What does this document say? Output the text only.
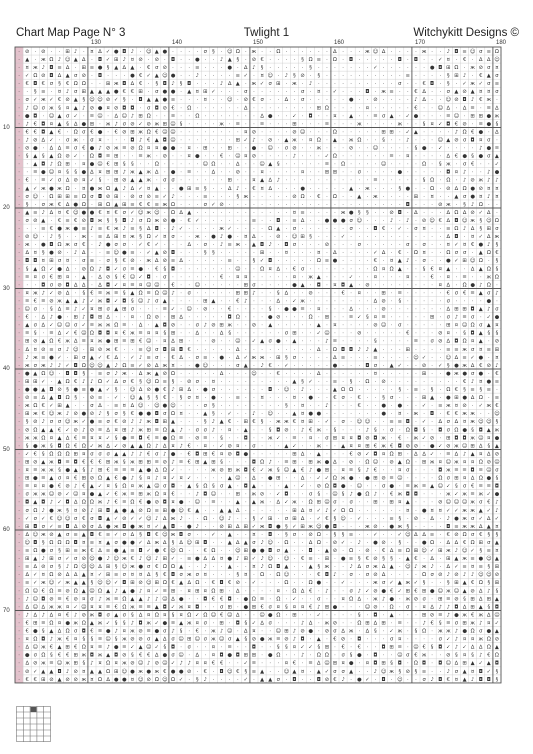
Chart Map Page N° 3	Twlight 1	Witchykitt Designs ©
130	140	150	160	170	180
10
20
30
40
50
60
70
· ⊘ · ⊘ · · ⊞ ♪ · ¤ ∆ ✓ ● ◘ ♪ · ☺ ▲ ● · · · · σ § · ☺ Ω · ж · · Ω · · · · · · ∆ · · · ж ☺ ∆ · · · · ж · · ♪ ◘ ≡ ☺ σ ≡ Ω
· ▲ · ж Ω ♪ ☺ ▲ ∆ · ◘ ✓ ⊞ ♪ ¤ ⊘ · ⊘ · ◘ · · ● · · ♪ ▲ § · ⊘ € · · · · § Ω ≡ · Ω · ◘ · · · · · ◘ · ◘ · · ✓ ¤ · € · ∆ ∆ ☺
· ¤ ж ♪ ◘ ≡ ∆ · ⊞ ≡ ● § ▲ ∆ ▲ · € σ ⊘ · · · ≡ · · · ● · ∆ ♪ § · · · · · § · · · · · · · ✓ · · · · · · ● ◘ ⊞ Ω · ж ⊘ σ ¤
· ✓ Ω ⊘ ◘ ∆ ▲ σ ⊘ · ◘ · · · ● € ✓ ▲ ☺ ● · · ♪ · · · · ≡ ✓ · ¤ ☺ · ♪ § ⊘ · § · · · · · · · · · · ≡ · · · · § ⊞ ♪ · € ▲ σ
· € ◘ € σ § € Ω Ω · · ⊞ ж ◘ ∆ € · § ◘ ♪ § ◘ · · · ♪ ∆ ▲ · ж ✓ σ ⊞ · ж · ♪ · · · · · · · · · · σ · · € ◘ · § · ✓ ж ✓ σ ≡
· · § ≡ · ¤ ♪ σ ⊞ ▲ ▲ ▲ ● € € ⊞ · σ ● ● · ▲ ¤ ⊞ ✓ · · · σ · · · · · · σ · ¤ · ✓ · · · ◘ · ж ≡ · · € ∆ · · σ ▲ ⊘ ▲ ¤ ¤ σ
· σ ✓ ж ✓ € ⊘ ▲ § ☺ ☺ ⊘ ✓ § · ◘ ▲ ▲ ● ≡ · · · ¤ · · ☺ · ⊘ € σ · · ∆ · σ · · · · · ● · · ⊘ · · · · ♪ ∆ · · ☺ ⊘ ◘ ♪ € ж ·
· ♪ ☺ σ ж § ¤ ▲ ♪ ⊘ ● ¤ ⊘ ◘ ◘ · σ ◘ ⊘ € · Ω · · · · · · ∆ · · · · · · · · ⊞ Ω · · · · ¤ · · · · · € · · ☺ ∆ · ∆ ≡ · ≡ ∆
· ● ◘ · ☺ ▲ σ ✓ · ≡ ☺ · ∆ ☺ ♪ ⊞ Ω · · ≡ · · Ω · · · · · · · ∆ ● · · ✓ · ◘ · · ¤ · ▲ · · ≡ σ ▲ · ✓ ● · · · ≡ ☺ · ⊞ ⊞ ● ж
· ♪ € ◘ ¤ ▲ § ∆ ● ⊞ · ж ♪ σ ⊘ ✓ ⊘ ж ⊞ ☺ § · · · · ж · ≡ · · ≡ · · · ⊞ · · · ≡ · · · ж · · · · ж · · § ¤ ✓ ◘ € ⊘ · ≡ ● §
· € € ◘ ▲ € · Ω σ € ● · € ⊘ ⊞ ж Ω € ☺ ☺ · · · · · · · · ¤ ⊘ · · · · ⊘ ☺ · · · Ω · · · · · ⊞ ⊞ · ✓ ▲ · · · · ♪ Ω € ● · ∆
· ♪ ⊘ ∆ ✓ · σ ж · σ ¤ · · · ◘ ♪ € ▲ ◘ ☺ · · · · · · · ⊞ ✓ ♪ · ⊘ · ▲ ж · ¤ Ω · ▲ · ж Ω · · § · · ♪ · · · ☺ ▲ ⊘ σ ◘ ¤ σ ·
· ⊘ ● · ∆ ∆ ≡ σ € ● ♪ ⊘ ж ≡ ⊘ Ω ¤ ¤ ● ● · ¤ · ⊞ · · ⊞ · · ● · ☺ · σ ⊘ · · ж · · · ⊘ · · ☺ · · · · § ● · ✓ · · · · ♪ ● ≡
· § ▲ § ▲ Ω ⊘ ✓ · Ω ◘ ≡ ⊞ · · ≡ ж · ⊘ · · ¤ ● · · € · ☺ ¤ ⊘ · · · · ♪ · · · ✓ Ω · · · · · · ≡ · ¤ · · · · ∆ € ● § ● σ ▲
· · ▲ ◘ ♪ Ω ⊞ · ¤ ● ☺ € ⊞ § § · · Ω · · · · · ☺ Ω · · ∆ · · ☺ ▲ § · · · · · ≡ · Ω · · · · ☺ · · · · Ω · § ж · σ € · · ✓
· · ≡ ● ☺ ¤ § § ● ∆ ¤ ⊞ ⊞ ♪ ж ▲ ж ∆ · ● · ≡ · · ∆ · · ⊘ · · ¤ · · · · ¤ · · ⊞ ⊞ · · σ · · · · ● · · · · · ◘ ¤ ♪ · · ♪ ●
· € · ≡ ✓ σ ∆ ⊘ ¤ ✓ § · ⊞ ⊘ ▲ ▲ ж · σ σ · · · · · · ⊞ · · ¤ ▲ ∆ ♪ · · · · · · · · · · · ≡ · · · · · § Ω · Ω · ♪ ⊘ ж ♪ ♪
· ▲ ✓ ж ● ж Ω · ¤ ● ж Ω ▲ ♪ ∆ ✓ ¤ ▲ · · ● ⊞ ≡ § · · ∆ ♪ · € ¤ ∆ · · · ● · · · · · ▲ · ж · · · § ● · · Ω · ⊘ ∆ Ω ● ⊘ ¤ ¤
· σ ☺ · Ω ⊞ ⊞ ≡ Ω σ ◘ ⊘ ⊞ · ⊘ σ ⊘ ≡ ✓ ♪ · · · ≡ · · · § ж · · · · · ⊘ Ω · € · Ω · · ▲ · ж · · · · ⊞ · ¤ · · ▲ σ ● ¤ ♪ ¤
· § · σ ж € ∆ ● Ω · ⊞ Ω ▲ ⊞ ≡ € € ≡ ж Ω · · · σ ✓ ⊘ · · · · · · · · · · · · · · · · · · · · · · ◘ · · · ⊘ ж · § ♪ Ω · ·
· ▲ ≡ ♪ ∆ ¤ € ☺ ● ● € ¤ € σ ✓ ☺ ж ☺ · Ω ∆ ▲ · · · · · · · · · · · · ¤ ≡ · · · · ж ● § § · · ⊘ ◘ · ∆ · · · ∆ Ω ∆ ⊘ ✓ ∆ ·
· σ ⊘ ▲ · € ≡ € ⊘ ◘ ж § § ◘ ♪ σ Ω ж ⊘ ● · € ✓ · · · · · · ≡ · · ◘ · ≡ ∆ · · ● ● ● σ ☺ · · · ♪ · ♪ · ⊘ ☺ € ∆ ◘ ☺ ж § ☺ Ω
· · · ≡ € ● ж ● ≡ ♪ ≡ € ж ♪ ≡ § ∆ ◘ · ♪ ✓ · · · · ж ✓ · · · · Ω ▲ · σ · · · · · · σ · · ◘ € · ✓ · σ ¤ · · ≡ Ω ♪ ∆ § ⊞ σ
· ⊘ ☺ · ♪ § · · ж · ≡ ∆ ⊞ ¤ ж § Ω ✓ ¤ σ · · ж · ● ♪ ● · ¤ ∆ · · ⊘ · ☺ ⊞ § · · · ✓ · · · · · · · · · · · · ∆ ◘ · ¤ ✓ ∆ ж
· ж · ● ◘ Ω ж σ € · ♪ ● σ σ · ✓ € ✓ · · · ∆ · σ · ♪ ≡ ж · ▲ ◘ ♪ · ◘ σ · · · ⊘ · · · σ · · · · · σ · σ · · ¤ ✓ ¤ € ● ♪ §
· ∆ ¤ § ● ⊘ · ♪ ∆ · · ≡ ☺ ● ≡ · ✓ ▲ ⊘ ◘ · · · § § · · · · · ⊞ · · ¤ · · · ¤ · ∆ · · · · ✓ ∆ · € · Ω ¤ · · Ω σ σ · ▲ Ω €
· ◘ ◘ ¤ ⊞ σ ¤ · σ ≡ · σ § € ⊘ · ж ∆ ⊘ ≡ ∆ · · · · · ≡ · · § ✓ ◘ · · · · · Ω ≡ ● · · · · € · ¤ ▲ ♪ · σ · · ● ✓ ⊞ ☺ Ω · §
· § ▲ Ω ✓ ● ∆ · ⊘ Ω ♪ ◘ ✓ σ ≡ ● · € § ◘ · · · · · · · ☺ · · Ω ¤ ∆ · € σ · · · · · · · · Ω ¤ Ω ▲ · · § € ¤ ▲ · · ∆ ▲ Ω §
· ≡ ¤ σ € ⊞ ¤ · ▲ · ∆ ⊘ § € ☺ ✓ ◘ · σ · · · · · · € · ¤ ¤ · · · · · ¤ · ж ▲ · · · ✓ · · ¤ · · · ¤ · · € · ¤ · ≡ · · ж Ω
· · · ◘ σ ⊘ ◘ ∆ ∆ · ∆ ◘ ✓ ¤ ≡ ¤ ☺ ☺ · € · · ☺ · · · · · ⊞ σ · · · · ● ▲ · ◘ · ¤ ◘ ▲ · ⊘ · · · · · · · · ¤ ∆ · Ω ● ♪ Ω ·
· ¤ ж ♪ ✓ ⊘ ∆ · § € ≡ ж ≡ § ▲ Ω ≡ Ω ☺ ♪ · σ · · · · · ⊞ ⊞ ♪ · · § ∆ · · ⊘ · · · € · ¤ · · ⊞ · ≡ · · · · · € σ € ≡ ▲ σ ♪
· ≡ € ≡ ⊘ ж ▲ ▲ ♪ ✓ ж ◘ ✓ ◘ § ☺ ♪ σ ▲ · · · · ⊞ ▲ · · € ♪ · · · ∆ · ✓ ж · · · · · · · · ∆ ⊘ · § · · · · · σ · · · · ● ·
· ☺ σ · § ∆ ≡ ♪ ✓ ¤ ⊞ σ ▲ ⊞ σ · · · ≡ ✓ · ☺ · ⊘ · · € · · · · § · ● ● ≡ · ¤ · · · ∆ · · · ⊘ · · · · · · · ∆ ⊞ ⊞ ◘ ▲ ♪ σ
· € · ∆ ♪ ● · ⊞ ♪ ◘ ⊞ ∆ · · ¤ · Ω ⊘ · ⊞ ∆ · · · · · ◘ Ω · · · ● ⊘ · · · Ω · ⊞ · · ≡ ✓ § ¤ ≡ · · · · · ⊞ · σ ♪ ≡ σ · ✓ ●
· ▲ σ ∆ ✓ ☺ ☺ σ ✓ ≡ ж ж Ω ≡ · ∆ · ▲ ◘ ⊘ · · σ ♪ ⊘ ⊞ ж · · ⊘ · ▲ · · · · · ▲ · ¤ · · · · ⊘ ☺ · σ · · · · · ⊞ ¤ ☺ Ω σ ▲ ¤
· ≡ § · ≡ ∆ ✓ € ☺ Ω ◘ ◘ ¤ € ж ≡ ¤ ¤ § ⊞ · · ∆ · · ∆ § · · · · · · σ ⊞ · · ✓ ☺ · · · ⊘ · · · · · € · · · ⊘ ¤ · § ◘ ▲ § §
· ⊞ ⊘ ▲ Ω € ж ∆ ≡ ¤ ж ● ⊞ ≡ ⊞ € ☺ · ¤ ∆ ⊞ · · · ⊘ · · ☺ · ✓ ▲ σ ● · ▲ · · · ♪ ≡ · · · · § · · · · ≡ · σ ⊘ ∆ ◘ Ω ¤ ▲ · ⊘
· ∆ ¤ ⊘ ≡ σ ♪ ☺ · ⊞ ⊘ ж € · · ≡ ☺ σ ◘ ⊞ ◘ € · · · · · ∆ · · · · · · · · · ∆ · Ω ◘ ◘ ♪ ♪ ▲ · · · ⊞ · · · · ≡ ≡ ж σ ¤ ≡ ⊞
· ♪ ж ≡ ● ✓ · ⊞ σ ▲ ✓ € ∆ · ✓ ♪ ≡ σ · € ∆ · σ ≡ · ● · ∆ ✓ ж ж · ⊞ § σ · · · · ∆ ≡ · · · ≡ · · · · ☺ ✓ · · ☺ ∆ ≡ ✓ ● · ¤
· ж σ ж ♪ ♪ ✓ ◘ Ω ☺ ☺ ▲ ♪ Ω ≡ ✓ ⊘ ∆ ж ¤ · · ● ☺ · · · σ ▲ · ♪ € · ✓ · · · · · ● · · · ◘ σ · ▲ ✓ · · ⊘ · ✓ § ● ж ∆ € ⊘ ♪
· ● ▲ Ω ☺ · ◘ ◘ § · ≡ σ ♪ ж · ∆ ж ▲ ⊘ Ω · · · · · ∆ · · · ☺ · · € · · · · ∆ · · · · · · ¤ · · · · · ⊞ · · ● ж ● σ ● · €
· ⊞ ⊞ ✓ · ▲ Ω € ♪ ♪ Ω ✓ ∆ σ € § ☺ Ω ≡ § · ⊘ σ · ¤ · · · · · · · · · ▲ § ✓ · · ≡ · § · Ω · ⊘ · · · · · · · · · € ♪ ¤ ● ≡
· ● ● ▲ ◘ ⊘ § ● ≡ ● ▲ ✓ § · ☺ ∆ ⊘ ● € ♪ ⊞ ∆ · ● σ · · · · · · ◘ · ☺ · ♪ · · · ▲ Ω Ω · · · · · § · ≡ · § · Ω € § ≡ § ≡ ·
· ⊘ ≡ ∆ ▲ ◘ Ω § · ⊘ ≡ · ✓ · ☺ ▲ § § € · § σ ¤ · ● · · ≡ · · ¤ · · · ¤ · ● · · € σ · € · · § σ · · · ⊞ ▲ · ● ⊞ ● ∆ Ω · ≡
· ж Ω € ✓ ⊞ ▲ · · σ ∆ · ≡ ¤ ∆ ☺ · ☺ ● ☺ · · · σ § · · · · · · · · § · ¤ · · ♪ · · · € · · ● · ● · · ✓ · ≡ ж ¤ ⊘ · ✓ ж €
· ⊞ ж € ☺ ж ♪ ⊘ ● ⊘ ♪ § σ § € ● ● ◘ σ Ω ¤ · · ▲ § · ✓ · · ♪ · ☺ · · ▲ ¤ ● ● · · · · · · · ● · ¤ · ж · ◘ · € € ж ж · · ☺
· § ⊘ ♪ σ σ ☺ ж ✓ ● ≡ σ € ⊘ ♪ ♪ ж ◘ ⊞ ▲ · · · § ♪ ▲ € · ⊞ € § · ж ж € ¤ ⊞ · ✓ · σ · ☺ ☺ · · ≡ ≡ ◘ · ✓ · ∆ σ ∆ ¤ ж ☺ ☺ §
· ⊘ Ω ▲ ▲ € ✓ ⊘ ♪ ⊘ ≡ ∆ ¤ ⊞ ♪ ж ⊞ ≡ Ω ▲ ♪ · σ σ ♪ · ¤ · ▲ · · § ◘ ⊘ · ♪ € ж · § · · · ♪ § · σ · Ω ◘ § · ◘ σ Ω ● § ◘ ▲ ж
· ж ж Ω ¤ ▲ ∆ € ≡ ¤ ¤ ✓ § ● ≡ ◘ € ≡ ● Ω ≡ · ⊘ ≡ · § · · ◘ · · ж ✓ · ≡ · ¤ · σ ⊞ ¤ ¤ ◘ ⊘ ◘ ж · € · ж ✓ ⊘ · ⊞ ◘ ◘ ж ☺ ¤ ●
· § ● ж § ◘ Ω € Ω ✓ ж ∆ ✓ ⊘ ▲ ▲ Ω ♪ ∆ ¤ ♪ € · ¤ · ✓ ⊘ ¤ · σ · · · ▲ ✓ · · ж · · ▲ ¤ ¤ ⊞ € ж € ◘ ⊘ ⊘ · ● ✓ ⊘ ж ☺ ⊞ ∆ § ▲
· ✓ € § Ω Ω Ω ⊞ ¤ σ σ σ ▲ ▲ ♪ ♪ € σ ♪ ● · € ◘ ⊞ € ¤ ⊘ ◘ ● · · · · · ⊞ ∆ · ▲ · · · € ⊘ ✓ ◘ ¤ Ω ⊞ · ∆ ∆ ✓ · ≡ ∆ ♪ ▲ ¤ ∆ ⊘
· ⊞ ⊘ ▲ ж ◘ ≡ ◘ € € € ⊞ ж § ж ⊞ ⊞ ≡ ⊘ ♪ ≡ € ⊞ ▲ ⊞ § · · · ◘ Ω ♪ · ≡ ⊞ · ⊞ ж ● ∆ · ⊘ · Ω ☺ · ⊘ ▲ Ω · ⊞ ж ¤ ☺ ж ¤ ¤ Ω ⊘ ☺
· ¤ ≡ ж ж § ● ▲ § ♪ ⊞ € ≡ ≡ ≡ ▲ ● ∆ Ω ✓ · · · · ж ⊘ ⊞ ж ◘ € ✓ ж § ☺ ▲ € ♪ ● ⊞ · ¤ ≡ § ♪ € · · ¤ σ · · · ◘ ж ≡ ≡ ◘ ≡ ☺ σ
· ⊞ ● ≡ ▲ σ ¤ € ⊞ ⊘ Ω ▲ € ● ♪ § ¤ ♪ ¤ ✓ ¤ ✓ · · · · ▲ ☺ · ∆ · ● ⊞ · · ∆ · ✓ ✓ Ω ж ● · ● ⊞ ⊘ ≡ ☺ · · · · Ω σ ⊞ ¤ ∆ Ω ● §
· ≡ ¤ ¤ ● € ⊘ ♪ € ▲ ✓ ¤ § Ω ¤ ж ▲ ☺ σ ◘ · ▲ § Ω § σ ▲ · ◘ ▲ · · · ▲ · ✓ · ⊘ Ω ◘ ● · ☺ · · σ ● · ≡ ж ≡ ▲ ☺ ✓ § σ € ≡ ≡ ◘
· σ ж ж ☺ ⊘ ✓ ☺ ¤ ● ▲ ✓ € ж ≡ ⊞ ж Ω ¤ € · · ♪ ◘ ☺ · · ⊞ · ж ⊘ · ✓ ◘ · · σ § · ☺ § ♪ ● Ω ♪ · € ж ◘ ◘ · · · ж ✓ ж ≡ ж ✓ ●
· ◘ ▲ ◘ ♪ ✓ ◘ ∆ Ω Ω ж ♪ € ≡ Ω € ● ⊘ ◘ ¤ ● · ☺ · ≡ · · ▲ · ▲ ж · ∆ ✓ ж · Ω ⊞ ☺ σ · σ · · ⊞ · ⊞ ¤ ▲ · · · ⊘ ☺ ☺ ☺ ж σ € ♪
· σ Ω ♪ ● ж § ¤ ⊘ ♪ ⊞ ◘ ▲ ● ▲ ⊘ Ω ≡ ⊞ ● ☺ € ▲ · · ▲ ▲ ∆ · · · · · · ⊞ ∆ ¤ ✓ ♪ ✓ Ω Ω · · · · · · ¤ · ● ¤ ¤ ✓ ✓ ж ж ▲ ✓ ♪
· ✓ σ ✓ € ☺ ☺ σ € σ ◘ ▲ ✓ ⊘ ✓ ✓ ☺ ♪ ∆ ж ♪ · · Ω · ☺ ♪ · · § ✓ ⊞ · σ ⊞ ∆ · ✓ € § ☺ · ✓ · · · ≡ § · ⊘ · ∆ · ♪ ● ж σ ✓ ∆ ✓
· ⊞ ◘ σ ✓ ≡ ◘ ∆ ⊘ σ ∆ ● ж ◘ ● ж ¤ ✓ ▲ ◘ · ● ♪ · · ⊘ ⊞ ∆ ⊞ ✓ ж ◘ ● § ✓ ⊞ ж ☺ ● ◘ · · · ж ⊘ · ● ж § · · · · ◘ ≡ ж ж ∆ ▲ ¤
· ∆ ☺ ж ⊘ ▲ σ ≡ ▲ ◘ € ≡ ✓ σ ∆ § ◘ € ☺ ж ◘ σ · · ✓ · ▲ · · ¤ · ◘ · § σ · ⊘ Ω · § § ≡ · · ✓ · · ✓ ☺ ∆ ∆ ≡ · € ⊘ Ω σ € § §
· ☺ ◘ § Ω Ω Ω ◘ ¤ ≡ ¤ ▲ σ ● ● ✓ ∆ ж ∆ § ∆ ☺ ⊞ ◘ · · ▲ ∆ ▲ σ ♪ ☺ · Ω · · ∆ Ω · ⊘ ✓ · ♪ · ● ⊘ · § · · ● Ω · ∆ ∆ € Ω ⊞ σ ▲
· ≡ Ω ● σ § ⊞ ≡ ж € ∆ ≡ ● ▲ ≡ ◘ ✓ ● € ☺ Ω · · € Ω · · ☺ ⊞ ● ● ◘ σ ▲ · · ◘ · ▲ ⊘ · Ω · ⊘ · € ∆ ≡ Ω ⊞ ☺ ✓ ⊞ ж ♪ ☺ ✓ § ≡ ¤
· ⊞ ▲ ♪ ⊞ σ ✓ σ ⊘ ☺ ● ♪ ☺ ж € ♪ ☺ ♪ ⊞ ✓ · ≡ ● ∆ ∆ ¤ ● ♪ ⊞ ✓ ♪ ☺ · ☺ · € ≡ · ⊞ · ● ≡ § € ⊘ § § · ▲ € · ∆ · ⊞ ▲ ж ≡ ● ☺ ▲
· ≡ ∆ ⊘ σ § ♪ Ω ☺ ☺ ∆ ⊞ § ☺ ж ● σ € Ω Ω ▲ · · ♪ · · ▲ · · ¤ ♪ Ω ◘ ▲ · · ▲ § ж · · ♪ ∆ σ ж ∆ ▲ · ☺ ♪ ж ♪ · ∆ ✓ ≡ ¤ ≡ § ⊞
· ∆ ✓ ¤ Ω ⊘ ∆ ∆ ▲ ¤ ✓ ⊞ ≡ σ ¤ ¤ ∆ § € ◘ σ ж σ ¤ · · · § ¤ · Ω · Ω ☺ · · · € ◘ ♪ · σ · σ ⊘ ∆ · · · · Ω σ ⊘ ♪ ⊘ ♪ ♪ ☺ ☺ ⊘
· ≡ ✓ ж ☺ ✓ ж ▲ ▲ § ☺ ☺ ✓ ◘ ⊞ ⊘ ☺ ⊞ Ω € ▲ ∆ Ω · € ◘ € ⊘ · ✓ · · · Ω · · Ω ● · · ✓ · · · ж σ ✓ ▲ ж ✓ § · · § ⊞ ▲ € Ω § ⊞
· Ω ☺ € Ω ≡ ⊘ Ω ▲ ☺ Ω ▲ ♪ ▲ ● ♪ ¤ ✓ ≡ ⊞ · ¤ ⊞ ¤ Ω ⊞ · ∆ · · · · ¤ · Ω ∆ € · ♪ · · σ ♪ ✓ ⊘ ● € ✓ ⊞ € ⊞ ● ☺ ж ☺ ▲ ⊘ ∆ ♪ §
· ♪ ☺ ◘ ⊘ ≡ € ⊘ ¤ σ ♪ ж ≡ Ω ▲ ▲ ♪ ♪ ☺ ∆ ● · · ◘ € € ◘ · ● Ω ≡ · Ω · ✓ · · σ · · ¤ Ω ∆ · ж ♪ ● · ж ⊘ σ · ⊞ ≡ ⊘ § ⊞ ∆ ⊞ ▲
· ∆ ☺ ∆ ж ж ¤ ✓ ☺ ¤ ¤ ≡ € Ω ж ≡ ≡ ▲ ◘ ✓ ж ¤ ◘ · · σ ⊞ · ● ⊞ € σ ¤ § ¤ ¤ € ♪ ⊞ ● · · · ☺ ⊘ · Ω · σ · ¤ ∆ ♪ ♪ ◘ ∆ ⊞ ▲ § ◘
· ♪ ∆ ♪ ∆ ¤ € ♪ ⊘ ж ◘ σ ▲ σ § ∆ ¤ Ω ¤ § ¤ Ω ✓ Ω ☺ € ☺ ∆ · · ☺ ● Ω · ⊞ · · ✓ · · · · § · ◘ · ▲ · · · ⊞ ⊘ ≡ ♪ ● ж € ж ∆ ☺
· € ⊞ ≡ Ω ¤ ● ж Ω ▲ ж ✓ § § ♪ ◘ ж ✓ ● ≡ ▲ ж ¤ σ · ⊞ · ◘ § ✓ ∆ σ · · · ♪ ∆ · ж ⊘ · · Ω ⊞ ∆ ⊞ · ≡ · · ♪ € § ≡ σ ⊞ ж ♪ ¤ ✓
· € ● § ▲ ∆ Ω σ ◘ € ≡ ● ♪ ¤ ж ⊘ ≡ ● σ ♪ § · € · ж ♪ ☺ · ∆ ¤ · · ☺ ⊞ ♪ ⊘ ● · ⊘ σ ∆ ж · ∆ § · ✓ ж · § Ω · ж ж ♪ ● Ω σ ● ▲
· ¤ Ω ◘ ♪ ж € ¤ § § ≡ ☺ § ж ⊘ ⊘ σ ▲ ∆ σ ☺ ⊞ ☺ σ ж ☺ σ ▲ § ⊘ ● ж ≡ ⊘ ♪ ◘ · ▲ · € ⊘ · ◘ · · · σ ¤ · · · · σ ✓ ♪ ¤ ¤ ж Ω ⊘
· ∆ ☺ ж € ▲ ⊞ € Ω ¤ ≡ ♪ ● ≡ ✓ ▲ ☺ ✓ § ◘ · σ · · ¤ · ≡ · · ◘ · · § § ¤ ✓ ✓ § ⊞ · € · € · · ◘ ⊞ ≡ · ☺ € § ◘ ✓ ♪ ✓ ∆ ∆ Ω ▲
· ● σ Ω § € € ⊞ ж ◘ ж ▲ ◘ ⊘ § € € ∆ ● σ ☺ · ∆ · ¤ ◘ ● ◘ ⊞ ⊞ · ● Ω · · ♪ · Ω Ω · σ § ● · ◘ · · ☺ σ € ж · · ⊘ § ¤ § ♪ € Ω
· ∆ ⊘ ж ≡ ☺ ж ⊞ § ♪ ¤ Ω ¤ ж ⊘ ☺ ♪ ⊘ ☺ ✓ ♪ ♪ ¤ ¤ € € · · ✓ ≡ · · · ¤ € · ≡ ∆ ☺ ⊞ ¤ ● · ¤ ◘ ⊞ § ◘ · Ω ◘ · ◘ ☺ ∆ ⊞ ▲ ✓ ▲ ◘
· ⊘ ✓ ▲ ▲ ◘ ♪ ⊘ ¤ ▲ ▲ Ω ⊞ ☺ ● ж ● ж € ● ● ⊘ · € · ◘ ☺ € § ≡ ▲ · · ☺ ▲ ¤ · ▲ ✓ σ σ ▲ · · ♪ ☺ ж § ⊘ § ≡ · · ♪ σ ▲ ¤ ◘ ✓ §
· € € ⊞ ⊘ ▲ ⊘ ⊘ ж ¤ Ω ∆ ● ● ¤ ☺ ⊘ Ω ☺ Ω ✓ · § ♪ · · · · ✓ · ▲ ▲ σ · ◘ · · ◘ ⊘ € ♪ · ● ✓ · ◘ · ☺ · · σ ♪ ◘ € ¤ ▲ ♪ ◘ ◘ §
